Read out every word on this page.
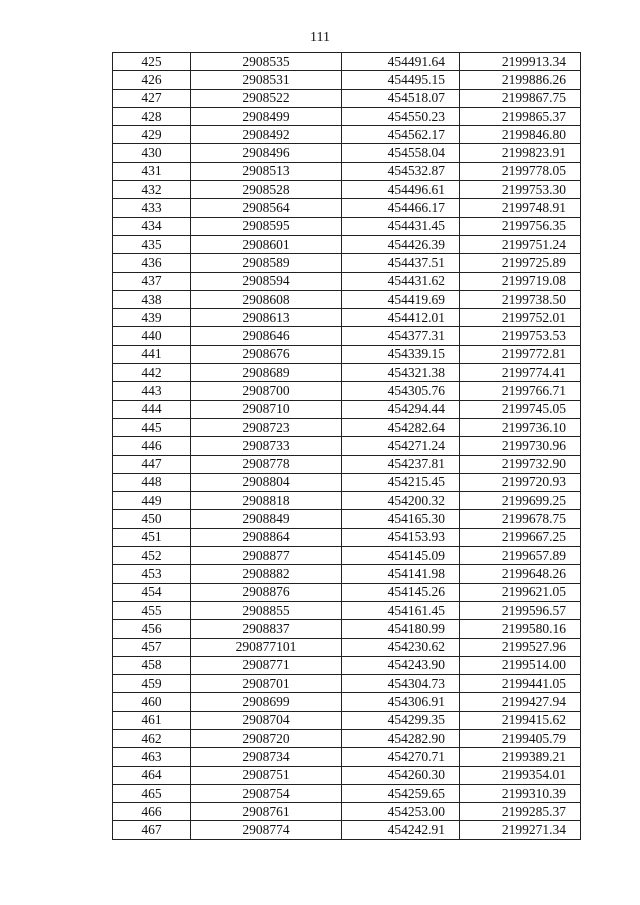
111
425	2908535	454491.64	2199913.34
426	2908531	454495.15	2199886.26
427	2908522	454518.07	2199867.75
428	2908499	454550.23	2199865.37
429	2908492	454562.17	2199846.80
430	2908496	454558.04	2199823.91
431	2908513	454532.87	2199778.05
432	2908528	454496.61	2199753.30
433	2908564	454466.17	2199748.91
434	2908595	454431.45	2199756.35
435	2908601	454426.39	2199751.24
436	2908589	454437.51	2199725.89
437	2908594	454431.62	2199719.08
438	2908608	454419.69	2199738.50
439	2908613	454412.01	2199752.01
440	2908646	454377.31	2199753.53
441	2908676	454339.15	2199772.81
442	2908689	454321.38	2199774.41
443	2908700	454305.76	2199766.71
444	2908710	454294.44	2199745.05
445	2908723	454282.64	2199736.10
446	2908733	454271.24	2199730.96
447	2908778	454237.81	2199732.90
448	2908804	454215.45	2199720.93
449	2908818	454200.32	2199699.25
450	2908849	454165.30	2199678.75
451	2908864	454153.93	2199667.25
452	2908877	454145.09	2199657.89
453	2908882	454141.98	2199648.26
454	2908876	454145.26	2199621.05
455	2908855	454161.45	2199596.57
456	2908837	454180.99	2199580.16
457	290877101	454230.62	2199527.96
458	2908771	454243.90	2199514.00
459	2908701	454304.73	2199441.05
460	2908699	454306.91	2199427.94
461	2908704	454299.35	2199415.62
462	2908720	454282.90	2199405.79
463	2908734	454270.71	2199389.21
464	2908751	454260.30	2199354.01
465	2908754	454259.65	2199310.39
466	2908761	454253.00	2199285.37
467	2908774	454242.91	2199271.34
